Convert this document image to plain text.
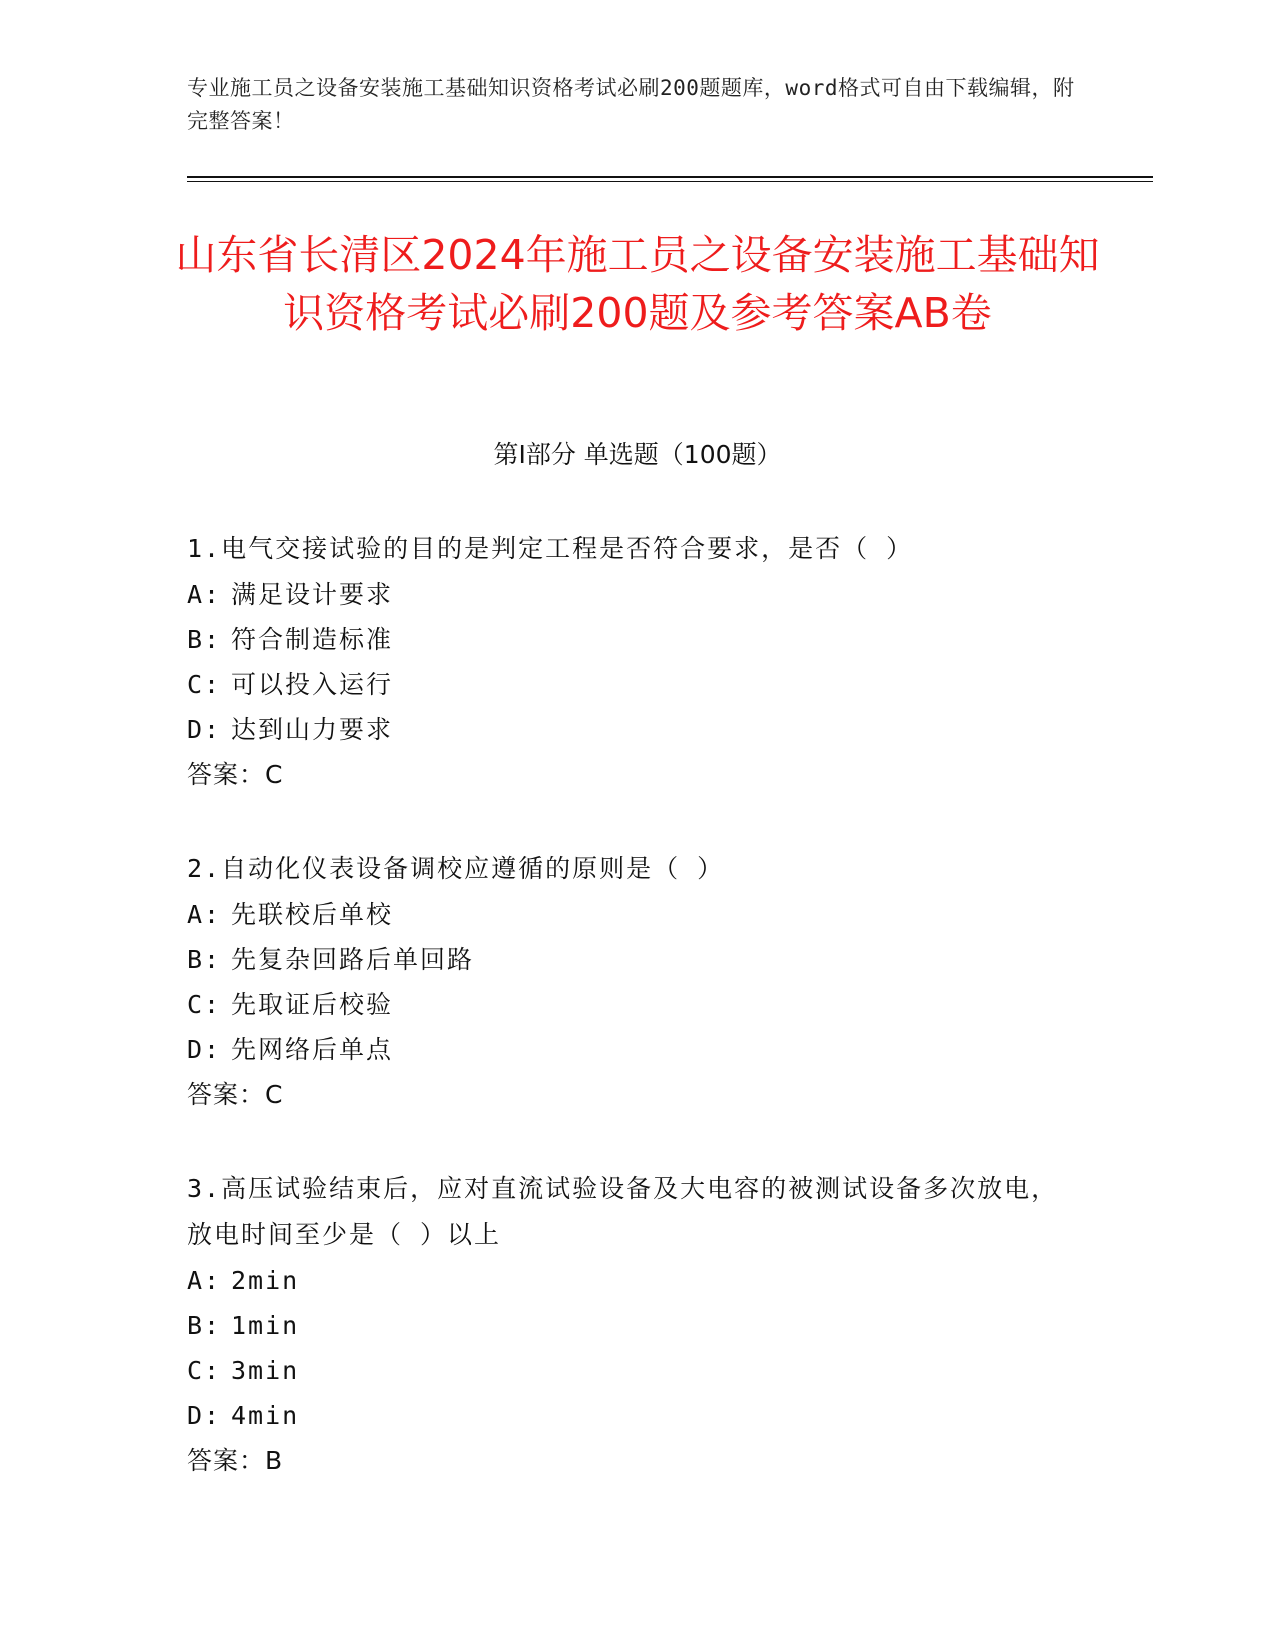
专业施工员之设备安装施工基础知识资格考试必刷200题题库，word格式可自由下载编辑，附完整答案！
山东省长清区2024年施工员之设备安装施工基础知识资格考试必刷200题及参考答案AB卷
第Ⅰ部分 单选题（100题）

1.电气交接试验的目的是判定工程是否符合要求，是否（ ）

A: 满足设计要求

B: 符合制造标准

C: 可以投入运行

D: 达到山力要求

答案：C

2.自动化仪表设备调校应遵循的原则是（ ）

A: 先联校后单校

B: 先复杂回路后单回路

C: 先取证后校验

D: 先网络后单点

答案：C

3.高压试验结束后，应对直流试验设备及大电容的被测试设备多次放电，放电时间至少是（ ）以上

A: 2min

B: 1min

C: 3min

D: 4min

答案：B
